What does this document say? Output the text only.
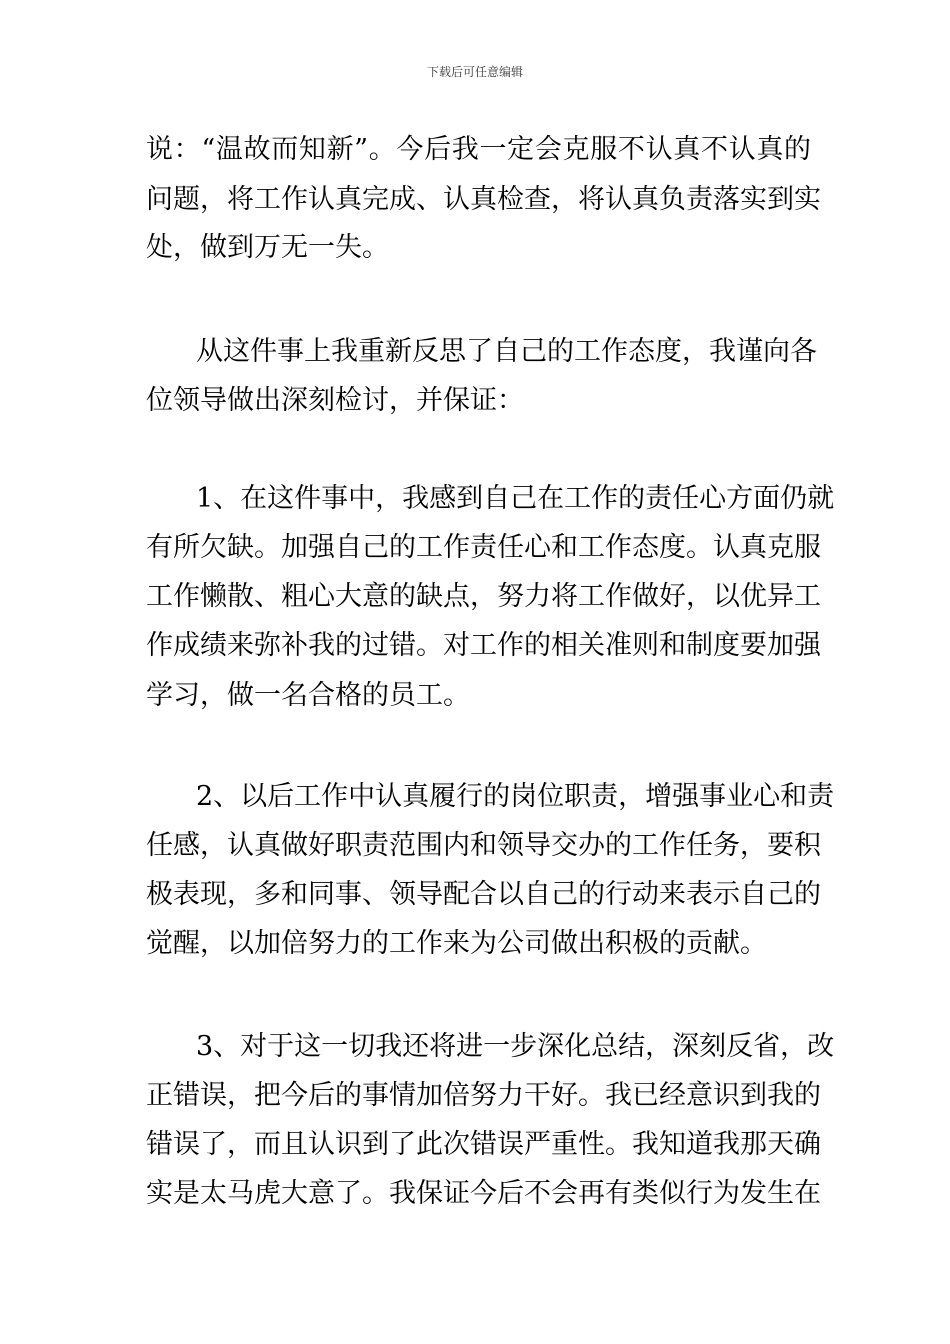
下载后可任意编辑
说：“温故而知新”。今后我一定会克服不认真不认真的
问题，将工作认真完成、认真检查，将认真负责落实到实
处，做到万无一失。
从这件事上我重新反思了自己的工作态度，我谨向各
位领导做出深刻检讨，并保证：
1、在这件事中，我感到自己在工作的责任心方面仍就
有所欠缺。加强自己的工作责任心和工作态度。认真克服
工作懒散、粗心大意的缺点，努力将工作做好，以优异工
作成绩来弥补我的过错。对工作的相关准则和制度要加强
学习，做一名合格的员工。
2、以后工作中认真履行的岗位职责，增强事业心和责
任感，认真做好职责范围内和领导交办的工作任务，要积
极表现，多和同事、领导配合以自己的行动来表示自己的
觉醒，以加倍努力的工作来为公司做出积极的贡献。
3、对于这一切我还将进一步深化总结，深刻反省，改
正错误，把今后的事情加倍努力干好。我已经意识到我的
错误了，而且认识到了此次错误严重性。我知道我那天确
实是太马虎大意了。我保证今后不会再有类似行为发生在
